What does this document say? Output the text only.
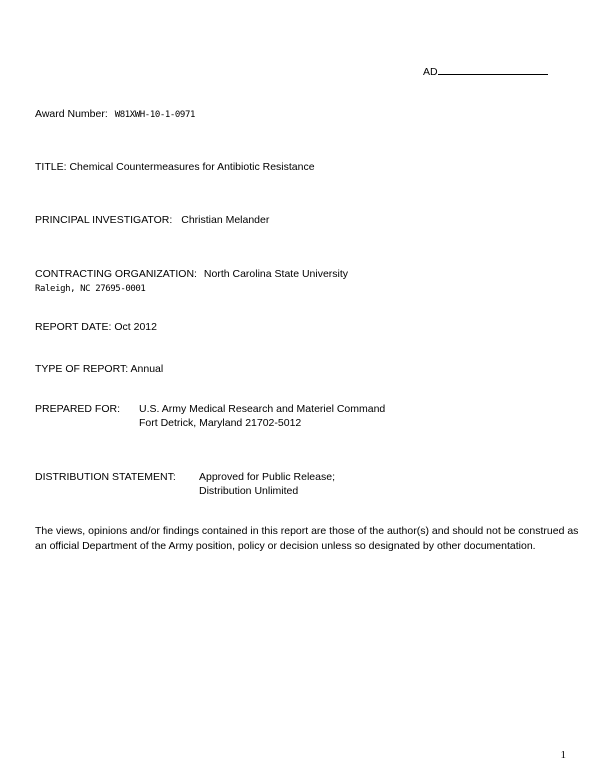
AD
Award Number: W81XWH-10-1-0971
TITLE: Chemical Countermeasures for Antibiotic Resistance
PRINCIPAL INVESTIGATOR: Christian Melander
CONTRACTING ORGANIZATION: North Carolina State University
Raleigh, NC 27695-0001
REPORT DATE: Oct 2012
TYPE OF REPORT: Annual
PREPARED FOR: U.S. Army Medical Research and Materiel Command
Fort Detrick, Maryland 21702-5012
DISTRIBUTION STATEMENT: Approved for Public Release;
Distribution Unlimited
The views, opinions and/or findings contained in this report are those of the author(s) and should not be construed as an official Department of the Army position, policy or decision unless so designated by other documentation.
1
